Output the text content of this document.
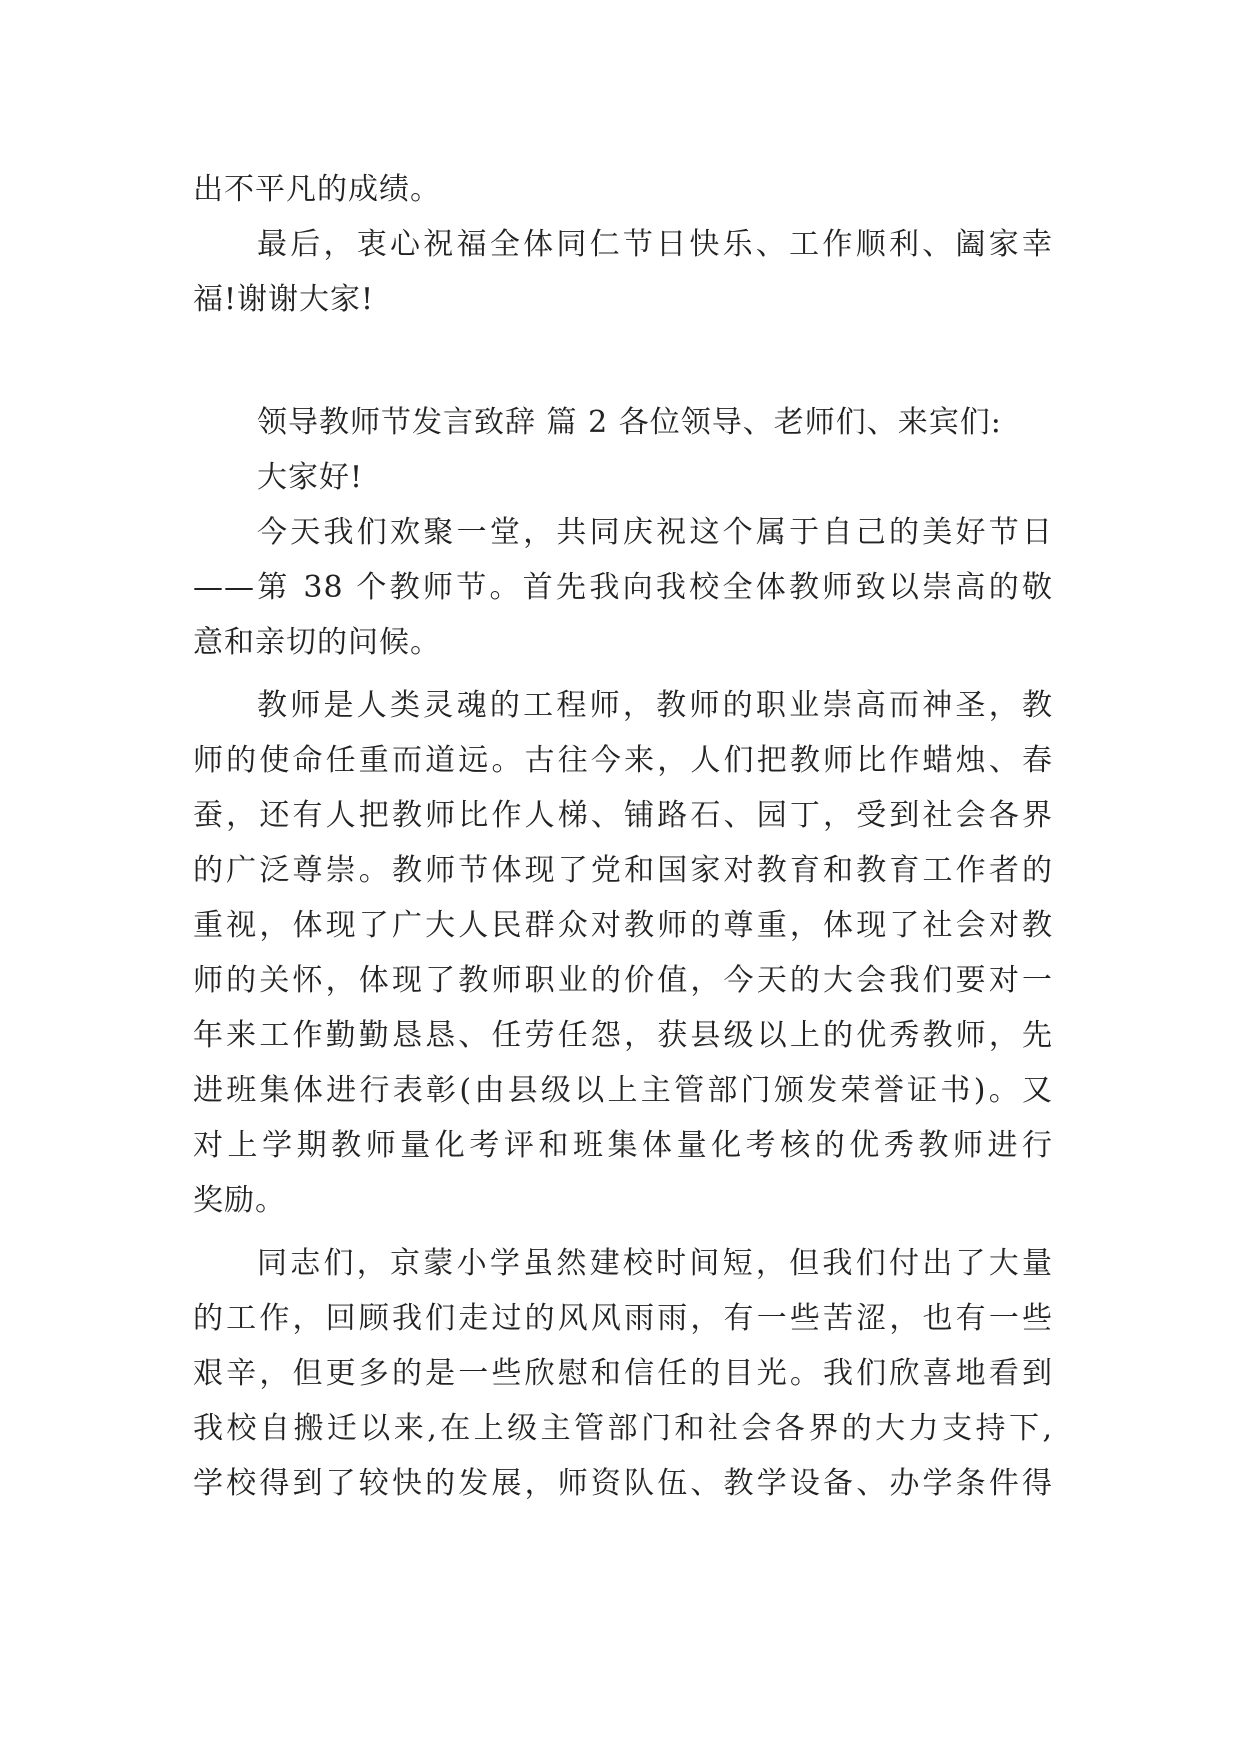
出不平凡的成绩。
最后，衷心祝福全体同仁节日快乐、工作顺利、阖家幸
福!谢谢大家!
领导教师节发言致辞 篇 2 各位领导、老师们、来宾们:
大家好!
今天我们欢聚一堂，共同庆祝这个属于自己的美好节日
——第 38 个教师节。首先我向我校全体教师致以崇高的敬
意和亲切的问候。
教师是人类灵魂的工程师，教师的职业崇高而神圣，教
师的使命任重而道远。古往今来，人们把教师比作蜡烛、春
蚕，还有人把教师比作人梯、铺路石、园丁，受到社会各界
的广泛尊崇。教师节体现了党和国家对教育和教育工作者的
重视，体现了广大人民群众对教师的尊重，体现了社会对教
师的关怀，体现了教师职业的价值，今天的大会我们要对一
年来工作勤勤恳恳、任劳任怨，获县级以上的优秀教师，先
进班集体进行表彰(由县级以上主管部门颁发荣誉证书)。又
对上学期教师量化考评和班集体量化考核的优秀教师进行
奖励。
同志们，京蒙小学虽然建校时间短，但我们付出了大量
的工作，回顾我们走过的风风雨雨，有一些苦涩，也有一些
艰辛，但更多的是一些欣慰和信任的目光。我们欣喜地看到
我校自搬迁以来,在上级主管部门和社会各界的大力支持下,
学校得到了较快的发展，师资队伍、教学设备、办学条件得
